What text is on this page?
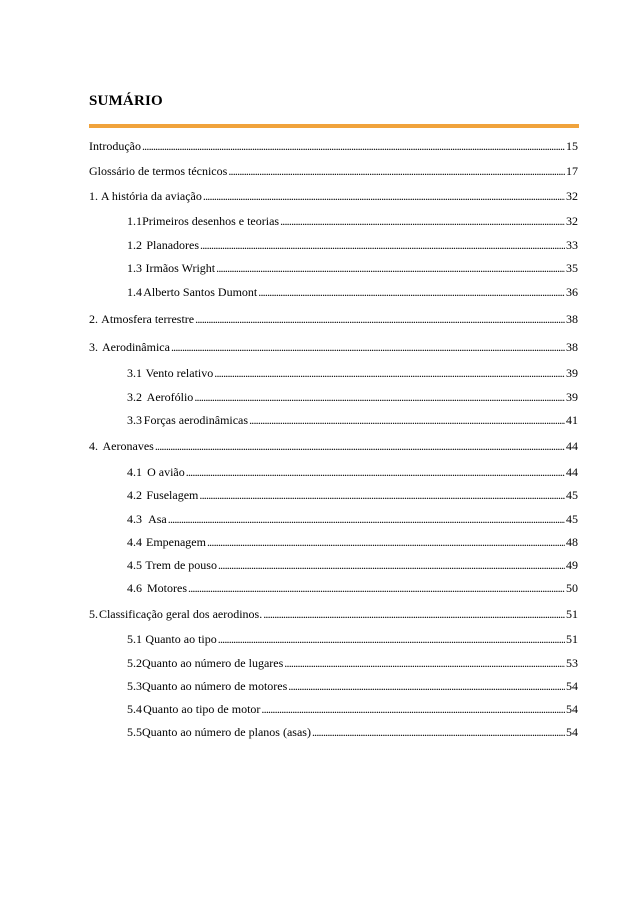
SUMÁRIO
Introdução . . .	15
Glossário de termos técnicos . . .	17
1. A história da aviação . . .	32
1.1 Primeiros desenhos e teorias . . .	32
1.2 Planadores . . .	33
1.3 Irmãos Wright . . .	35
1.4 Alberto Santos Dumont . . .	36
2. Atmosfera terrestre . . .	38
3. Aerodinâmica . . .	38
3.1 Vento relativo . . .	39
3.2 Aerofólio . . .	39
3.3 Forças aerodinâmicas . . .	41
4. Aeronaves . . .	44
4.1 O avião . . .	44
4.2 Fuselagem . . .	45
4.3 Asa . . .	45
4.4 Empenagem . . .	48
4.5 Trem de pouso . . .	49
4.6 Motores . . .	50
5. Classificação geral dos aerodinos. . . .	51
5.1 Quanto ao tipo . . .	51
5.2 Quanto ao número de lugares . . .	53
5.3 Quanto ao número de motores . . .	54
5.4 Quanto ao tipo de motor . . .	54
5.5 Quanto ao número de planos (asas) . . .	54
